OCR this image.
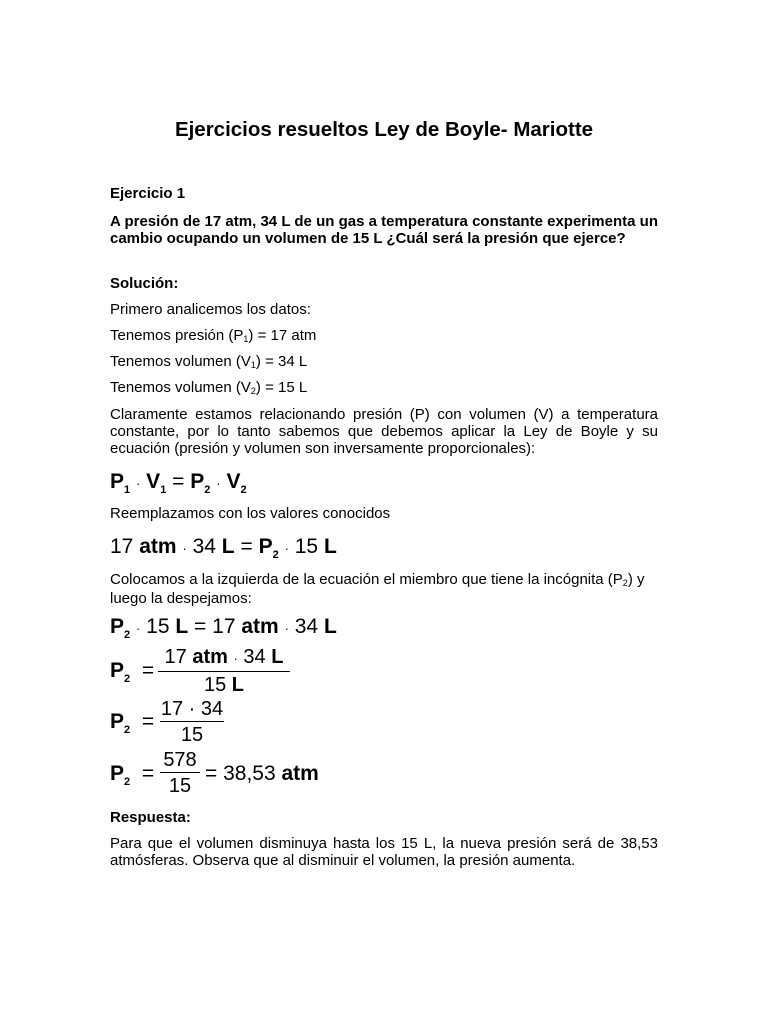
Ejercicios resueltos Ley de Boyle- Mariotte
Ejercicio 1
A presión de 17 atm, 34 L de un gas a temperatura constante experimenta un cambio ocupando un volumen de 15 L ¿Cuál será la presión que ejerce?
Solución:
Primero analicemos los datos:
Tenemos presión (P1) = 17 atm
Tenemos volumen (V1) = 34 L
Tenemos volumen (V2) = 15 L
Claramente estamos relacionando presión (P) con volumen (V) a temperatura constante, por lo tanto sabemos que debemos aplicar la Ley de Boyle y su ecuación (presión y volumen son inversamente proporcionales):
$P_1 \cdot V_1 = P_2 \cdot V_2$
Reemplazamos con los valores conocidos
17 atm · 34 $L = P_2 \cdot 15$ L
Colocamos a la izquierda de la ecuación el miembro que tiene la incógnita (P2) y luego la despejamos:
$P_2 \cdot 15$ L = 17 atm · 34 L
$P_2$ =
17 atm · 34 L
15 L
$P_2$ =
17 · 34
15
$P_2$ =
578
15
= 38,53 atm
Respuesta:
Para que el volumen disminuya hasta los 15 L, la nueva presión será de 38,53 atmósferas. Observa que al disminuir el volumen, la presión aumenta.
